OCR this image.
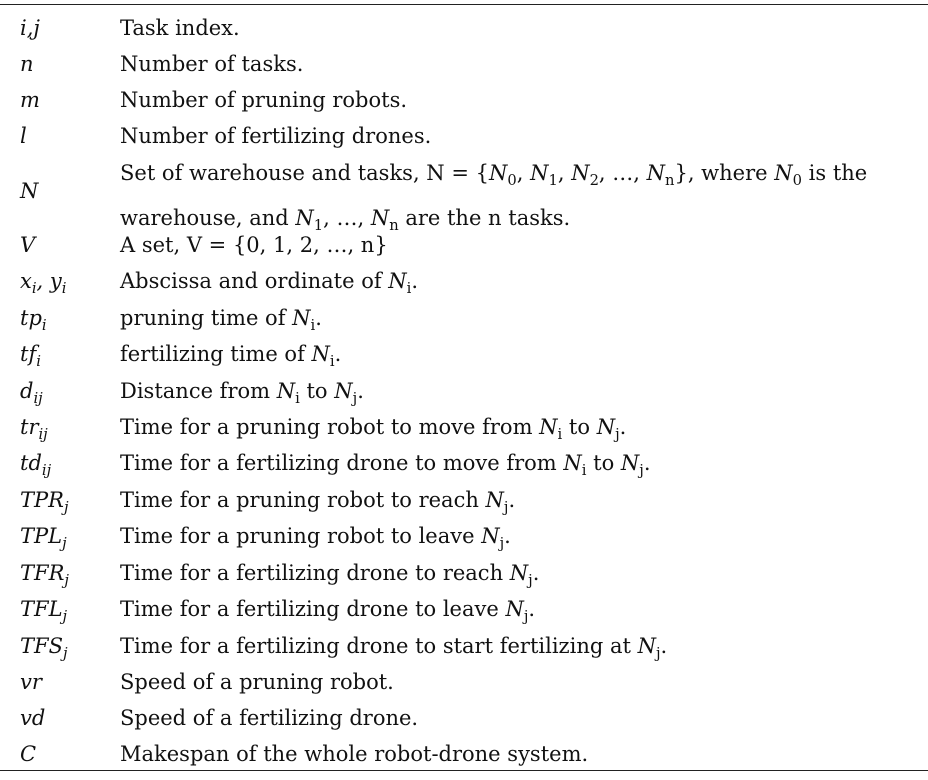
i,j	Task index.
n	Number of tasks.
m	Number of pruning robots.
l	Number of fertilizing drones.
N
Set of warehouse and tasks, $N = \{N_0$, $N_1$, $N_2$, …, $N_n$}, where $N_0$ is the
warehouse, and $N_1$, …, $N_n$ are the n tasks.
V	A set, V = {0, 1, 2, …, n}
$x_i$, $y_i$	Abscissa and ordinate of $N_i$.
$tp_i$	pruning time of $N_i$.
$tf_i$	fertilizing time of $N_i$.
$d_{ij}$	Distance from $N_i$ to $N_j$.
$tr_{ij}$	Time for a pruning robot to move from $N_i$ to $N_j$.
$td_{ij}$	Time for a fertilizing drone to move from $N_i$ to $N_j$.
$TPR_j$ Time for a pruning robot to reach $N_j$.
$TPL_j$	Time for a pruning robot to leave $N_j$.
$TFR_j$ Time for a fertilizing drone to reach $N_j$.
$TFL_j$	Time for a fertilizing drone to leave $N_j$.
$TFS_j$ Time for a fertilizing drone to start fertilizing at $N_j$.
vr	Speed of a pruning robot.
vd	Speed of a fertilizing drone.
C	Makespan of the whole robot-drone system.
